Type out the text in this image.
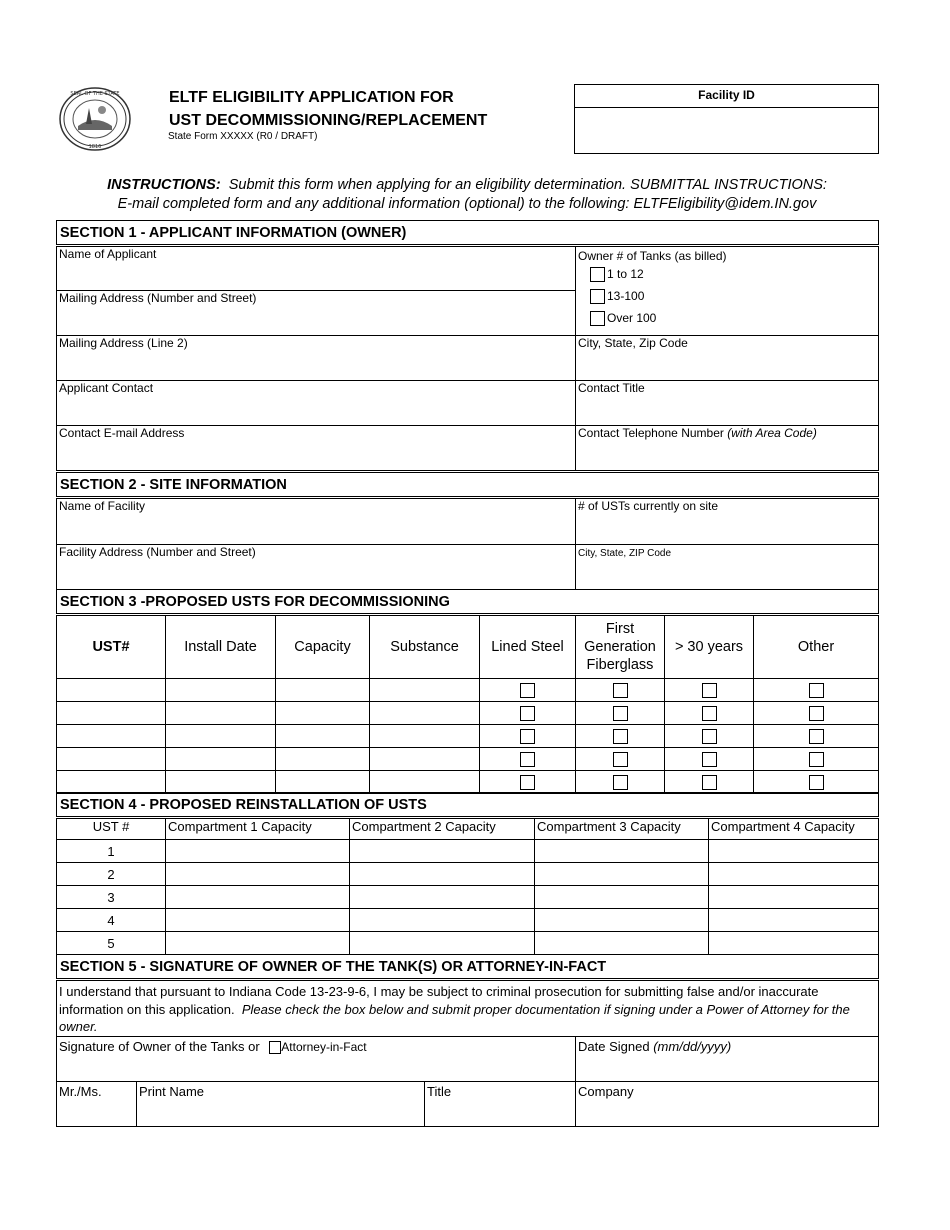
SEAL OF THE STATE
1816
ELTF ELIGIBILITY APPLICATION FOR
UST DECOMMISSIONING/REPLACEMENT
State Form XXXXX (R0 / DRAFT)
Facility ID
INSTRUCTIONS: Submit this form when applying for an eligibility determination. SUBMITTAL INSTRUCTIONS:
E-mail completed form and any additional information (optional) to the following: ELTFEligibility@idem.IN.gov
SECTION 1 - APPLICANT INFORMATION (OWNER)	
Name of Applicant	Owner # of Tanks (as billed)
1 to 12
13-100
Over 100

Mailing Address (Number and Street)	
Mailing Address (Line 2)	City, State, Zip Code
Applicant Contact	Contact Title
Contact E-mail Address	Contact Telephone Number (with Area Code)
SECTION 2 - SITE INFORMATION	
Name of Facility	# of USTs currently on site
Facility Address (Number and Street)	City, State, ZIP Code
SECTION 3 -PROPOSED USTS FOR DECOMMISSIONING							
UST#	Install Date	Capacity	Substance	Lined Steel	First Generation Fiberglass	> 30 years	Other

SECTION 4 - PROPOSED REINSTALLATION OF USTS				
UST #	Compartment 1 Capacity	Compartment 2 Capacity	Compartment 3 Capacity	Compartment 4 Capacity
1				
2				
3				
4				
5				
SECTION 5 - SIGNATURE OF OWNER OF THE TANK(S) OR ATTORNEY-IN-FACT			
I understand that pursuant to Indiana Code 13-23-9-6, I may be subject to criminal prosecution for submitting false and/or inaccurate information on this application. Please check the box below and submit proper documentation if signing under a Power of Attorney for the owner.			
Signature of Owner of the Tanks or Attorney-in-Fact			Date Signed (mm/dd/yyyy)
Mr./Ms.	Print Name	Title	Company
